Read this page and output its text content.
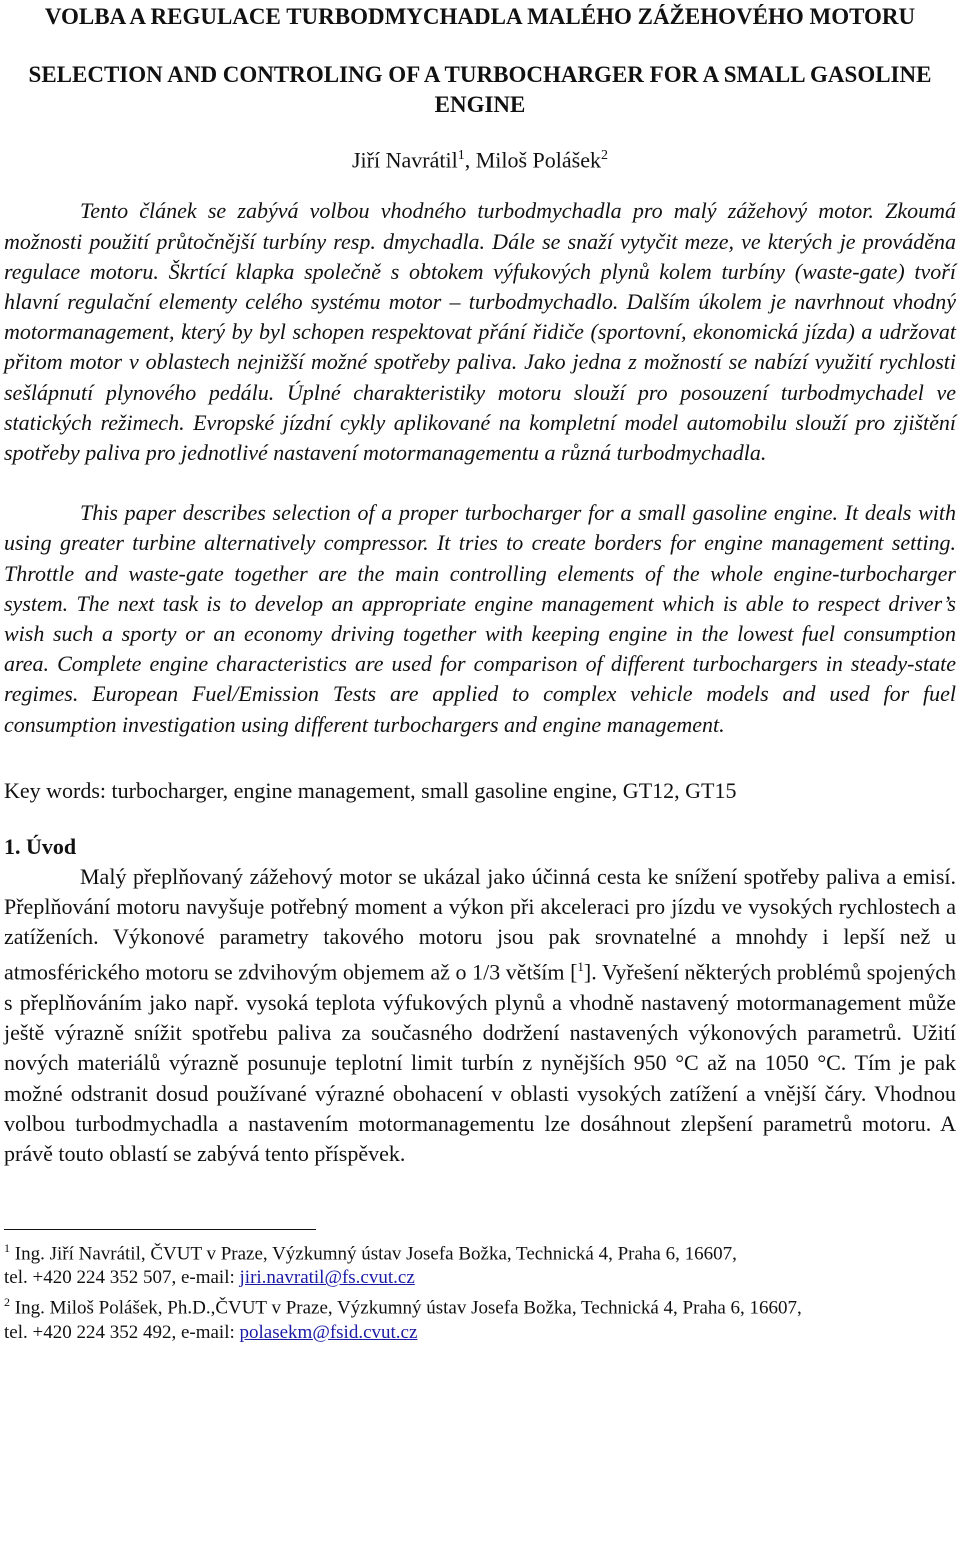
VOLBA A REGULACE TURBODMYCHADLA MALÉHO ZÁŽEHOVÉHO MOTORU
SELECTION AND CONTROLING OF A TURBOCHARGER FOR A SMALL GASOLINE ENGINE
Jiří Navrátil$^1$, Miloš Polášek$^2$

Tento článek se zabývá volbou vhodného turbodmychadla pro malý zážehový motor. Zkoumá možnosti použití průtočnější turbíny resp. dmychadla. Dále se snaží vytyčit meze, ve kterých je prováděna regulace motoru. Škrtící klapka společně s obtokem výfukových plynů kolem turbíny (waste-gate) tvoří hlavní regulační elementy celého systému motor – turbodmychadlo. Dalším úkolem je navrhnout vhodný motormanagement, který by byl schopen respektovat přání řidiče (sportovní, ekonomická jízda) a udržovat přitom motor v oblastech nejnižší možné spotřeby paliva. Jako jedna z možností se nabízí využití rychlosti sešlápnutí plynového pedálu. Úplné charakteristiky motoru slouží pro posouzení turbodmychadel ve statických režimech. Evropské jízdní cykly aplikované na kompletní model automobilu slouží pro zjištění spotřeby paliva pro jednotlivé nastavení motormanagementu a různá turbodmychadla.

This paper describes selection of a proper turbocharger for a small gasoline engine. It deals with using greater turbine alternatively compressor. It tries to create borders for engine management setting. Throttle and waste-gate together are the main controlling elements of the whole engine-turbocharger system. The next task is to develop an appropriate engine management which is able to respect driver’s wish such a sporty or an economy driving together with keeping engine in the lowest fuel consumption area. Complete engine characteristics are used for comparison of different turbochargers in steady-state regimes. European Fuel/Emission Tests are applied to complex vehicle models and used for fuel consumption investigation using different turbochargers and engine management.

Key words: turbocharger, engine management, small gasoline engine, GT12, GT15
1. Úvod

Malý přeplňovaný zážehový motor se ukázal jako účinná cesta ke snížení spotřeby paliva a emisí. Přeplňování motoru navyšuje potřebný moment a výkon při akceleraci pro jízdu ve vysokých rychlostech a zatíženích. Výkonové parametry takového motoru jsou pak srovnatelné a mnohdy i lepší než u atmosférického motoru se zdvihovým objemem až o 1/3 větším [$^1$]. Vyřešení některých problémů spojených s přeplňováním jako např. vysoká teplota výfukových plynů a vhodně nastavený motormanagement může ještě výrazně snížit spotřebu paliva za současného dodržení nastavených výkonových parametrů. Užití nových materiálů výrazně posunuje teplotní limit turbín z nynějších 950 °C až na 1050 °C. Tím je pak možné odstranit dosud používané výrazné obohacení v oblasti vysokých zatížení a vnější čáry. Vhodnou volbou turbodmychadla a nastavením motormanagementu lze dosáhnout zlepšení parametrů motoru. A právě touto oblastí se zabývá tento příspěvek.

$^1$ Ing. Jiří Navrátil, ČVUT v Praze, Výzkumný ústav Josefa Božka, Technická 4, Praha 6, 16607,
tel. +420 224 352 507, e-mail: jiri.navratil@fs.cvut.cz
$^2$ Ing. Miloš Polášek, Ph.D.,ČVUT v Praze, Výzkumný ústav Josefa Božka, Technická 4, Praha 6, 16607,
tel. +420 224 352 492, e-mail: polasekm@fsid.cvut.cz
